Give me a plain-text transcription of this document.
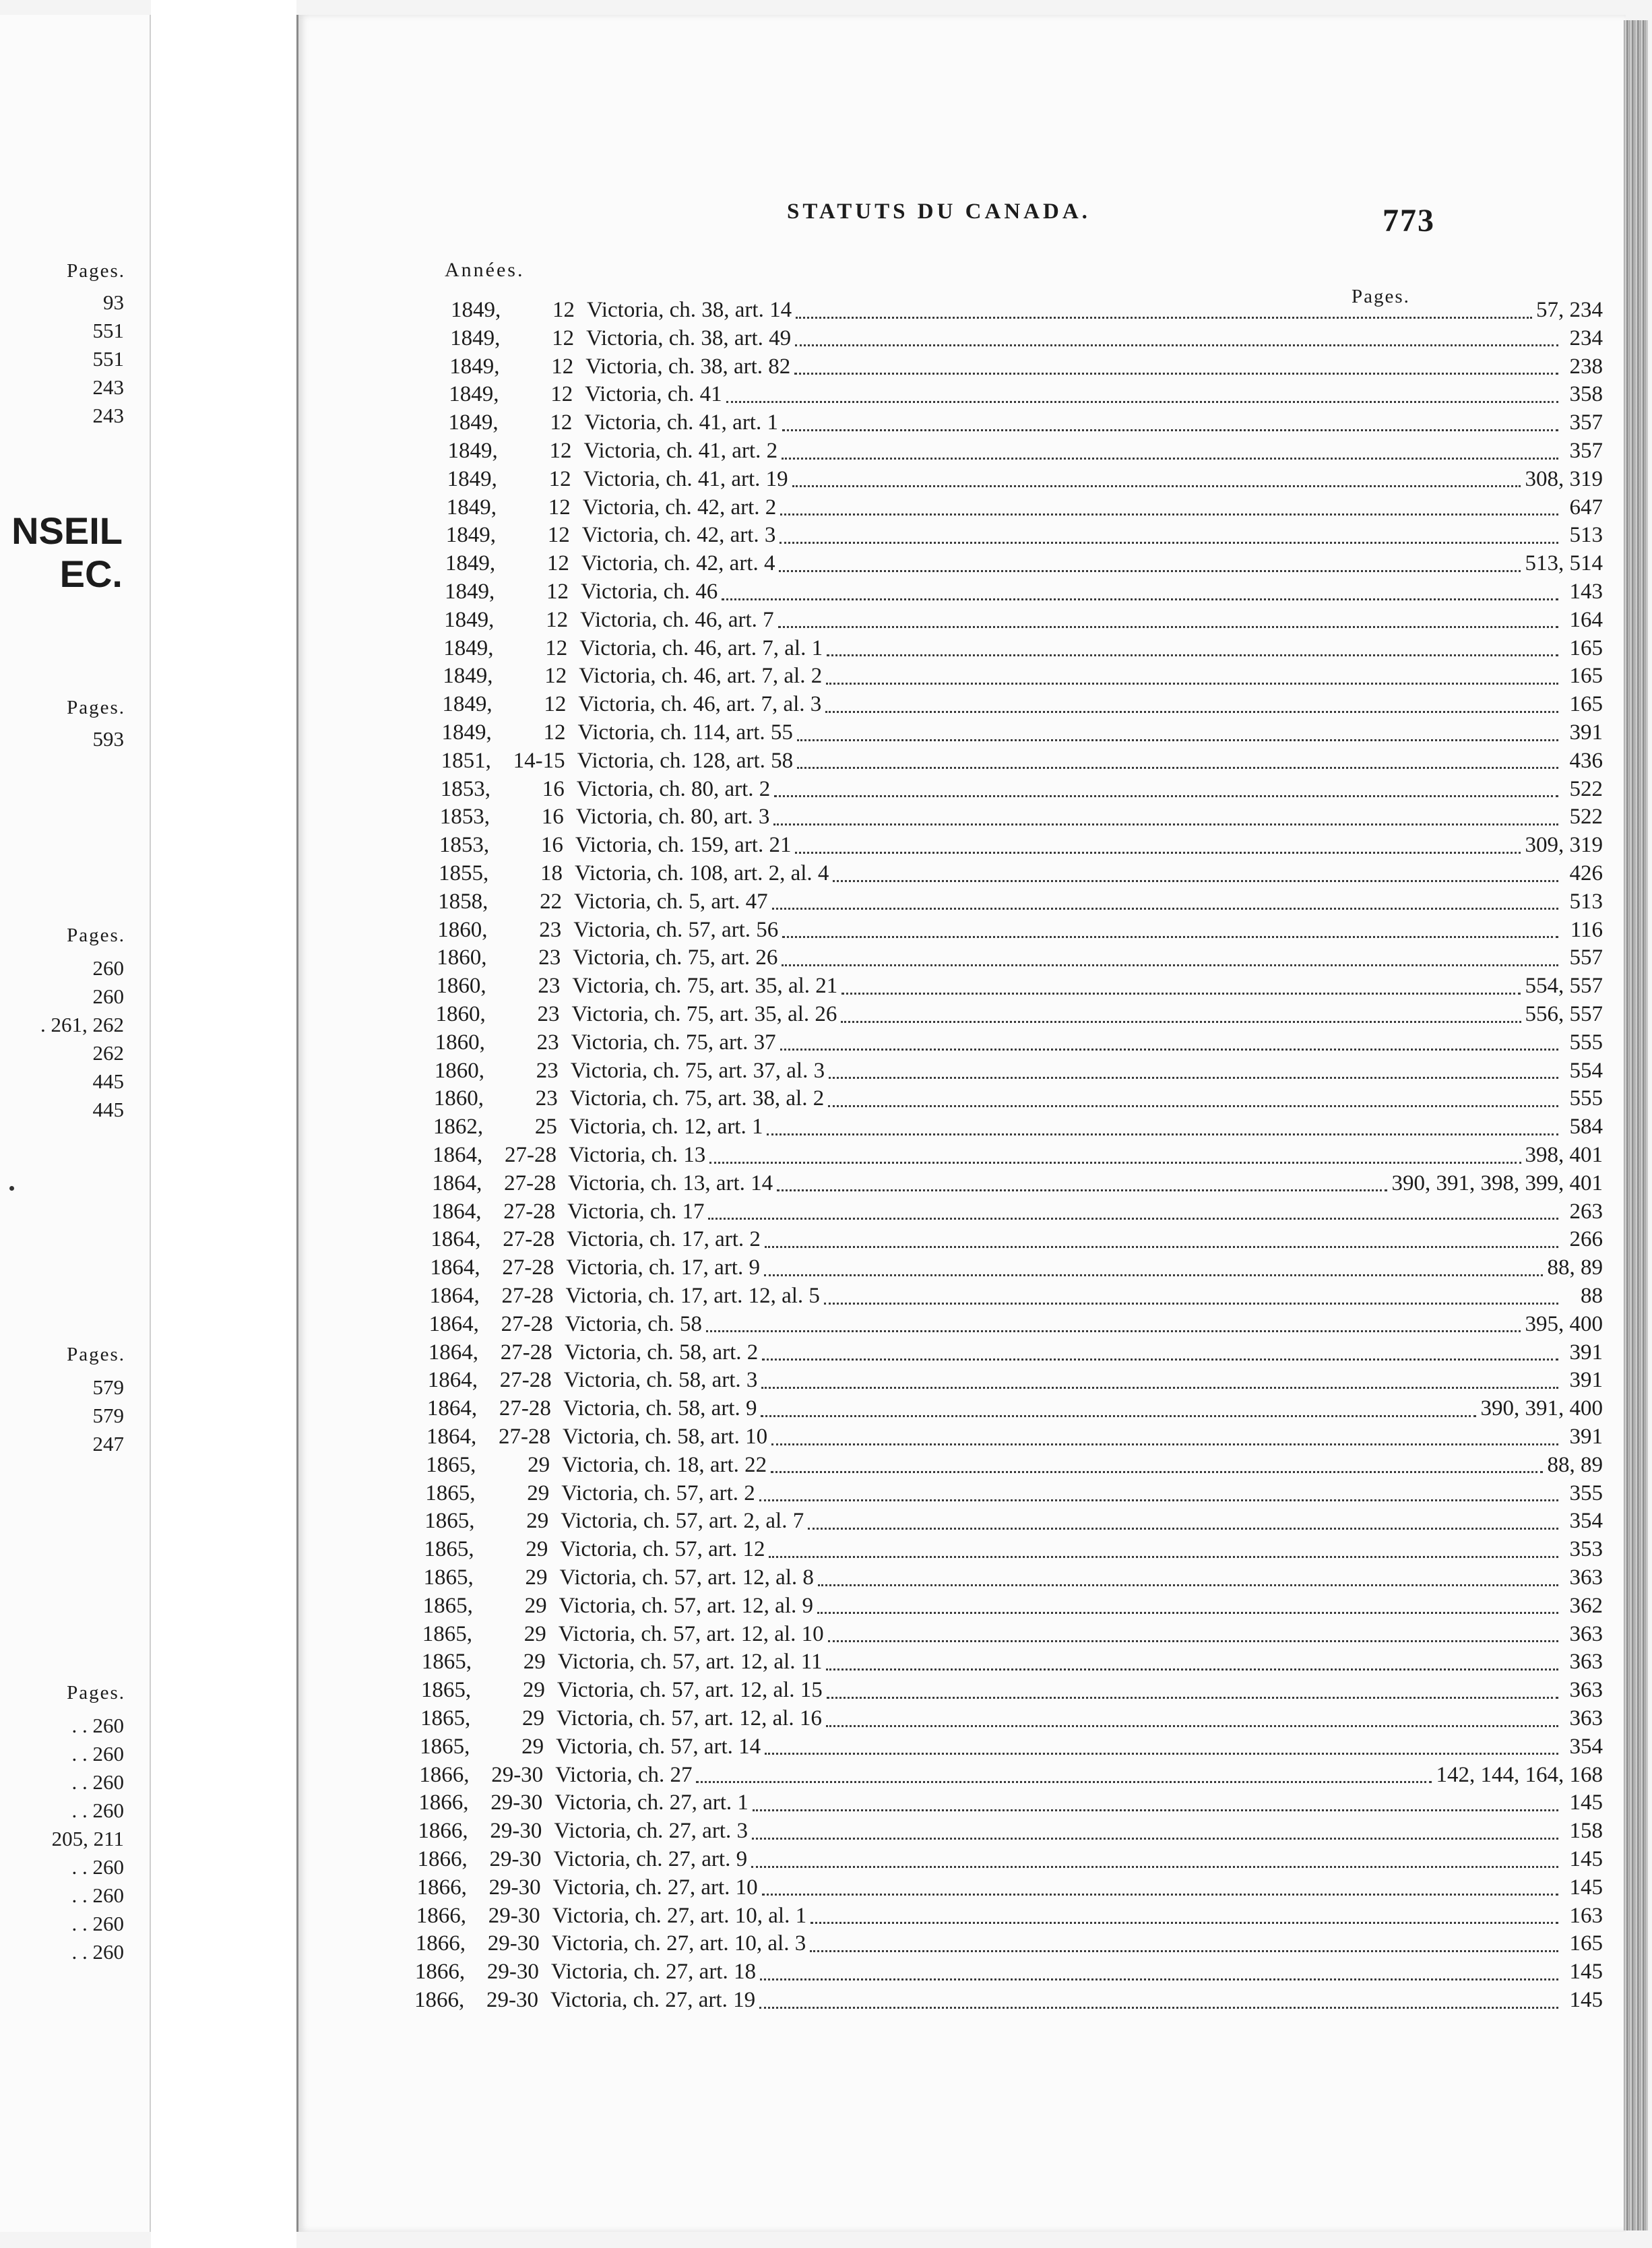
Pages.
93
551
551
243
243
NSEIL
EC.
Pages.
593
Pages.
260
260
. 261, 262
262
445
445
Pages.
579
579
247
Pages.
. . 260
. . 260
. . 260
. . 260
205, 211
. . 260
. . 260
. . 260
. . 260
1849,	12 Victoria, ch. 38, art. 14	57, 234
1849,	12 Victoria, ch. 38, art. 49	234
1849,	12 Victoria, ch. 38, art. 82	238
1849,	12 Victoria, ch. 41	358
1849,	12 Victoria, ch. 41, art. 1	357
1849,	12 Victoria, ch. 41, art. 2	357
1849,	12 Victoria, ch. 41, art. 19	308, 319
1849,	12 Victoria, ch. 42, art. 2	647
1849,	12 Victoria, ch. 42, art. 3	513
1849,	12 Victoria, ch. 42, art. 4	513, 514
1849,	12 Victoria, ch. 46	143
1849,	12 Victoria, ch. 46, art. 7	164
1849,	12 Victoria, ch. 46, art. 7, al. 1	165
1849,	12 Victoria, ch. 46, art. 7, al. 2	165
1849,	12 Victoria, ch. 46, art. 7, al. 3	165
1849,	12 Victoria, ch. 114, art. 55	391
1851, 14-15 Victoria, ch. 128, art. 58	436
1853,	16 Victoria, ch. 80, art. 2	522
1853,	16 Victoria, ch. 80, art. 3	522
1853,	16 Victoria, ch. 159, art. 21	309, 319
1855,	18 Victoria, ch. 108, art. 2, al. 4	426
1858,	22 Victoria, ch. 5, art. 47	513
1860,	23 Victoria, ch. 57, art. 56	116
1860,	23 Victoria, ch. 75, art. 26	557
1860,	23 Victoria, ch. 75, art. 35, al. 21	554, 557
1860,	23 Victoria, ch. 75, art. 35, al. 26	556, 557
1860,	23 Victoria, ch. 75, art. 37	555
1860,	23 Victoria, ch. 75, art. 37, al. 3	554
1860,	23 Victoria, ch. 75, art. 38, al. 2	555
1862,	25 Victoria, ch. 12, art. 1	584
1864, 27-28 Victoria, ch. 13	398, 401
1864, 27-28 Victoria, ch. 13, art. 14	390, 391, 398, 399, 401
1864, 27-28 Victoria, ch. 17	263
1864, 27-28 Victoria, ch. 17, art. 2	266
1864, 27-28 Victoria, ch. 17, art. 9	88, 89
1864, 27-28 Victoria, ch. 17, art. 12, al. 5	88
1864, 27-28 Victoria, ch. 58	395, 400
1864, 27-28 Victoria, ch. 58, art. 2	391
1864, 27-28 Victoria, ch. 58, art. 3	391
1864, 27-28 Victoria, ch. 58, art. 9	390, 391, 400
1864, 27-28 Victoria, ch. 58, art. 10	391
1865,	29 Victoria, ch. 18, art. 22	88, 89
1865,	29 Victoria, ch. 57, art. 2	355
1865,	29 Victoria, ch. 57, art. 2, al. 7	354
1865,	29 Victoria, ch. 57, art. 12	353
1865,	29 Victoria, ch. 57, art. 12, al. 8	363
1865,	29 Victoria, ch. 57, art. 12, al. 9	362
1865,	29 Victoria, ch. 57, art. 12, al. 10	363
1865,	29 Victoria, ch. 57, art. 12, al. 11	363
1865,	29 Victoria, ch. 57, art. 12, al. 15	363
1865,	29 Victoria, ch. 57, art. 12, al. 16	363
1865,	29 Victoria, ch. 57, art. 14	354
1866, 29-30 Victoria, ch. 27	142, 144, 164, 168
1866, 29-30 Victoria, ch. 27, art. 1	145
1866, 29-30 Victoria, ch. 27, art. 3	158
1866, 29-30 Victoria, ch. 27, art. 9	145
1866, 29-30 Victoria, ch. 27, art. 10	145
1866, 29-30 Victoria, ch. 27, art. 10, al. 1	163
1866, 29-30 Victoria, ch. 27, art. 10, al. 3	165
1866, 29-30 Victoria, ch. 27, art. 18	145
1866, 29-30 Victoria, ch. 27, art. 19	145
STATUTS DU CANADA.	773
Années.
Pages.
